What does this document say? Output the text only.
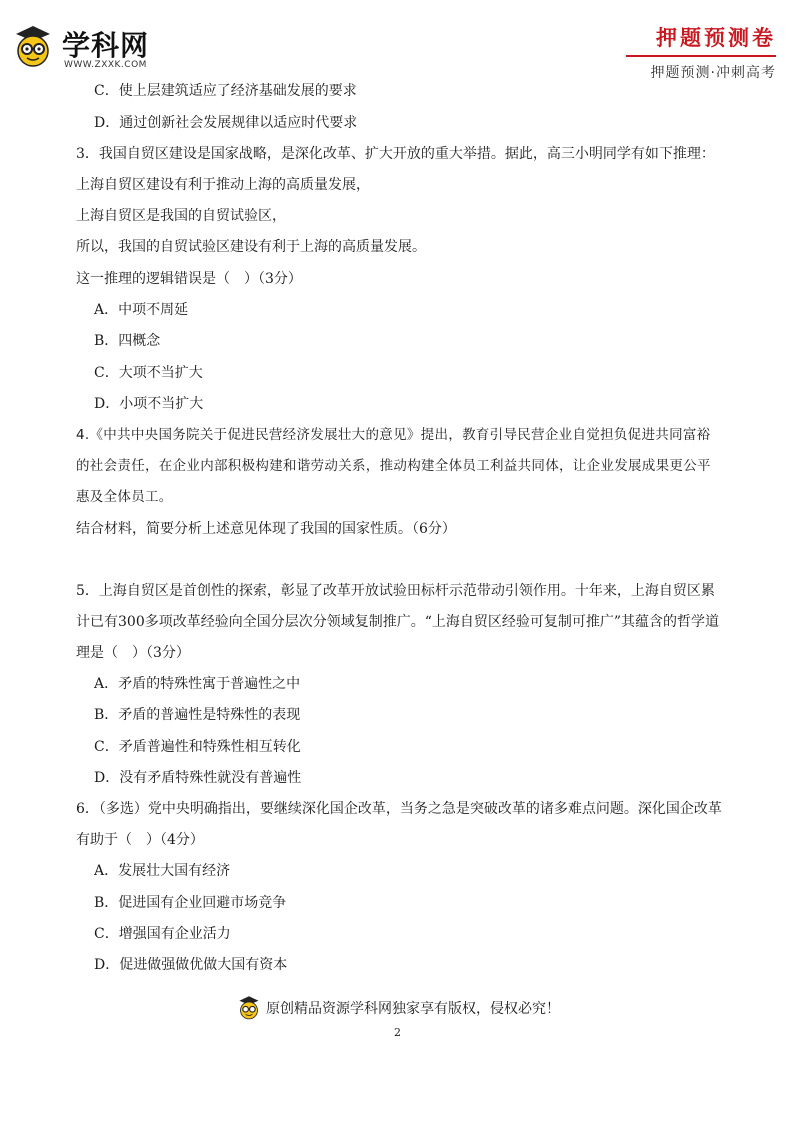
学科网
WWW.ZXXK.COM
押题预测卷
押题预测·冲刺高考
C．使上层建筑适应了经济基础发展的要求
D．通过创新社会发展规律以适应时代要求
3．我国自贸区建设是国家战略，是深化改革、扩大开放的重大举措。据此，高三小明同学有如下推理：
上海自贸区建设有利于推动上海的高质量发展，
上海自贸区是我国的自贸试验区，
所以，我国的自贸试验区建设有利于上海的高质量发展。
这一推理的逻辑错误是（　）（3分）
A．中项不周延
B．四概念
C．大项不当扩大
D．小项不当扩大
4.《中共中央国务院关于促进民营经济发展壮大的意见》提出，教育引导民营企业自觉担负促进共同富裕
的社会责任，在企业内部积极构建和谐劳动关系，推动构建全体员工利益共同体，让企业发展成果更公平
惠及全体员工。
结合材料，简要分析上述意见体现了我国的国家性质。（6分）
5．上海自贸区是首创性的探索，彰显了改革开放试验田标杆示范带动引领作用。十年来，上海自贸区累
计已有300多项改革经验向全国分层次分领域复制推广。“上海自贸区经验可复制可推广”其蕴含的哲学道
理是（　）（3分）
A．矛盾的特殊性寓于普遍性之中
B．矛盾的普遍性是特殊性的表现
C．矛盾普遍性和特殊性相互转化
D．没有矛盾特殊性就没有普遍性
6．（多选）党中央明确指出，要继续深化国企改革，当务之急是突破改革的诸多难点问题。深化国企改革
有助于（　）（4分）
A．发展壮大国有经济
B．促进国有企业回避市场竞争
C．增强国有企业活力
D．促进做强做优做大国有资本
原创精品资源学科网独家享有版权，侵权必究！
2
